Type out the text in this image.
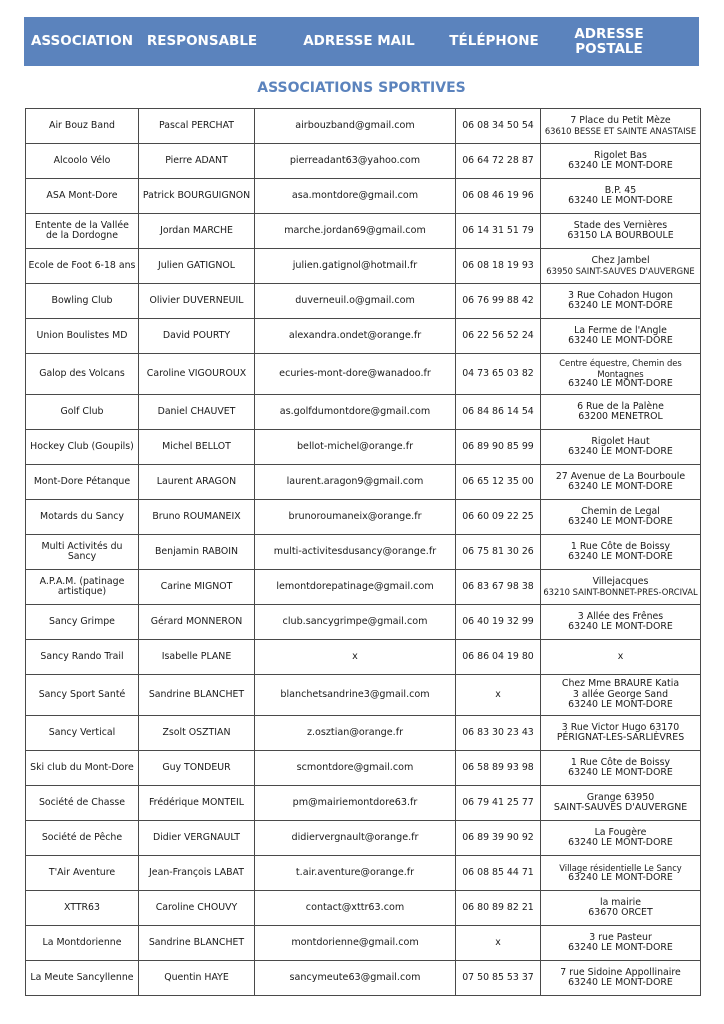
ASSOCIATION	RESPONSABLE	ADRESSE MAIL	TÉLÉPHONE	ADRESSE
POSTALE
ASSOCIATIONS SPORTIVES
Air Bouz Band	Pascal PERCHAT	airbouzband@gmail.com	06 08 34 50 54	7 Place du Petit Mèze
63610 BESSE ET SAINTE ANASTAISE

Alcoolo Vélo	Pierre ADANT	pierreadant63@yahoo.com	06 64 72 28 87	Rigolet Bas
63240 LE MONT-DORE

ASA Mont-Dore	Patrick BOURGUIGNON	asa.montdore@gmail.com	06 08 46 19 96	B.P. 45
63240 LE MONT-DORE

Entente de la Vallée de la Dordogne	Jordan MARCHE	marche.jordan69@gmail.com	06 14 31 51 79	Stade des Vernières
63150 LA BOURBOULE

Ecole de Foot 6-18 ans	Julien GATIGNOL	julien.gatignol@hotmail.fr	06 08 18 19 93	Chez Jambel
63950 SAINT-SAUVES D'AUVERGNE

Bowling Club	Olivier DUVERNEUIL	duverneuil.o@gmail.com	06 76 99 88 42	3 Rue Cohadon Hugon
63240 LE MONT-DORE

Union Boulistes MD	David POURTY	alexandra.ondet@orange.fr	06 22 56 52 24	La Ferme de l'Angle
63240 LE MONT-DORE

Galop des Volcans	Caroline VIGOUROUX	ecuries-mont-dore@wanadoo.fr	04 73 65 03 82	Centre équestre, Chemin des Montagnes
63240 LE MONT-DORE

Golf Club	Daniel CHAUVET	as.golfdumontdore@gmail.com	06 84 86 14 54	6 Rue de la Palène
63200 MENETROL

Hockey Club (Goupils)	Michel BELLOT	bellot-michel@orange.fr	06 89 90 85 99	Rigolet Haut
63240 LE MONT-DORE

Mont-Dore Pétanque	Laurent ARAGON	laurent.aragon9@gmail.com	06 65 12 35 00	27 Avenue de La Bourboule
63240 LE MONT-DORE

Motards du Sancy	Bruno ROUMANEIX	brunoroumaneix@orange.fr	06 60 09 22 25	Chemin de Legal
63240 LE MONT-DORE

Multi Activités du Sancy	Benjamin RABOIN	multi-activitesdusancy@orange.fr	06 75 81 30 26	1 Rue Côte de Boissy
63240 LE MONT-DORE

A.P.A.M. (patinage artistique)	Carine MIGNOT	lemontdorepatinage@gmail.com	06 83 67 98 38	Villejacques
63210 SAINT-BONNET-PRES-ORCIVAL

Sancy Grimpe	Gérard MONNERON	club.sancygrimpe@gmail.com	06 40 19 32 99	3 Allée des Frênes
63240 LE MONT-DORE

Sancy Rando Trail	Isabelle PLANE	x	06 86 04 19 80	x

Sancy Sport Santé	Sandrine BLANCHET	blanchetsandrine3@gmail.com	x	Chez Mme BRAURE Katia
3 allée George Sand
63240 LE MONT-DORE

Sancy Vertical	Zsolt OSZTIAN	z.osztian@orange.fr	06 83 30 23 43	3 Rue Victor Hugo 63170
PÉRIGNAT-LES-SARLIÈVRES

Ski club du Mont-Dore	Guy TONDEUR	scmontdore@gmail.com	06 58 89 93 98	1 Rue Côte de Boissy
63240 LE MONT-DORE

Société de Chasse	Frédérique MONTEIL	pm@mairiemontdore63.fr	06 79 41 25 77	Grange 63950
SAINT-SAUVES D'AUVERGNE

Société de Pêche	Didier VERGNAULT	didiervergnault@orange.fr	06 89 39 90 92	La Fougère
63240 LE MONT-DORE

T'Air Aventure	Jean-François LABAT	t.air.aventure@orange.fr	06 08 85 44 71	Village résidentielle Le Sancy
63240 LE MONT-DORE

XTTR63	Caroline CHOUVY	contact@xttr63.com	06 80 89 82 21	la mairie
63670 ORCET

La Montdorienne	Sandrine BLANCHET	montdorienne@gmail.com	x	3 rue Pasteur
63240 LE MONT-DORE

La Meute Sancyllenne	Quentin HAYE	sancymeute63@gmail.com	07 50 85 53 37	7 rue Sidoine Appollinaire
63240 LE MONT-DORE
